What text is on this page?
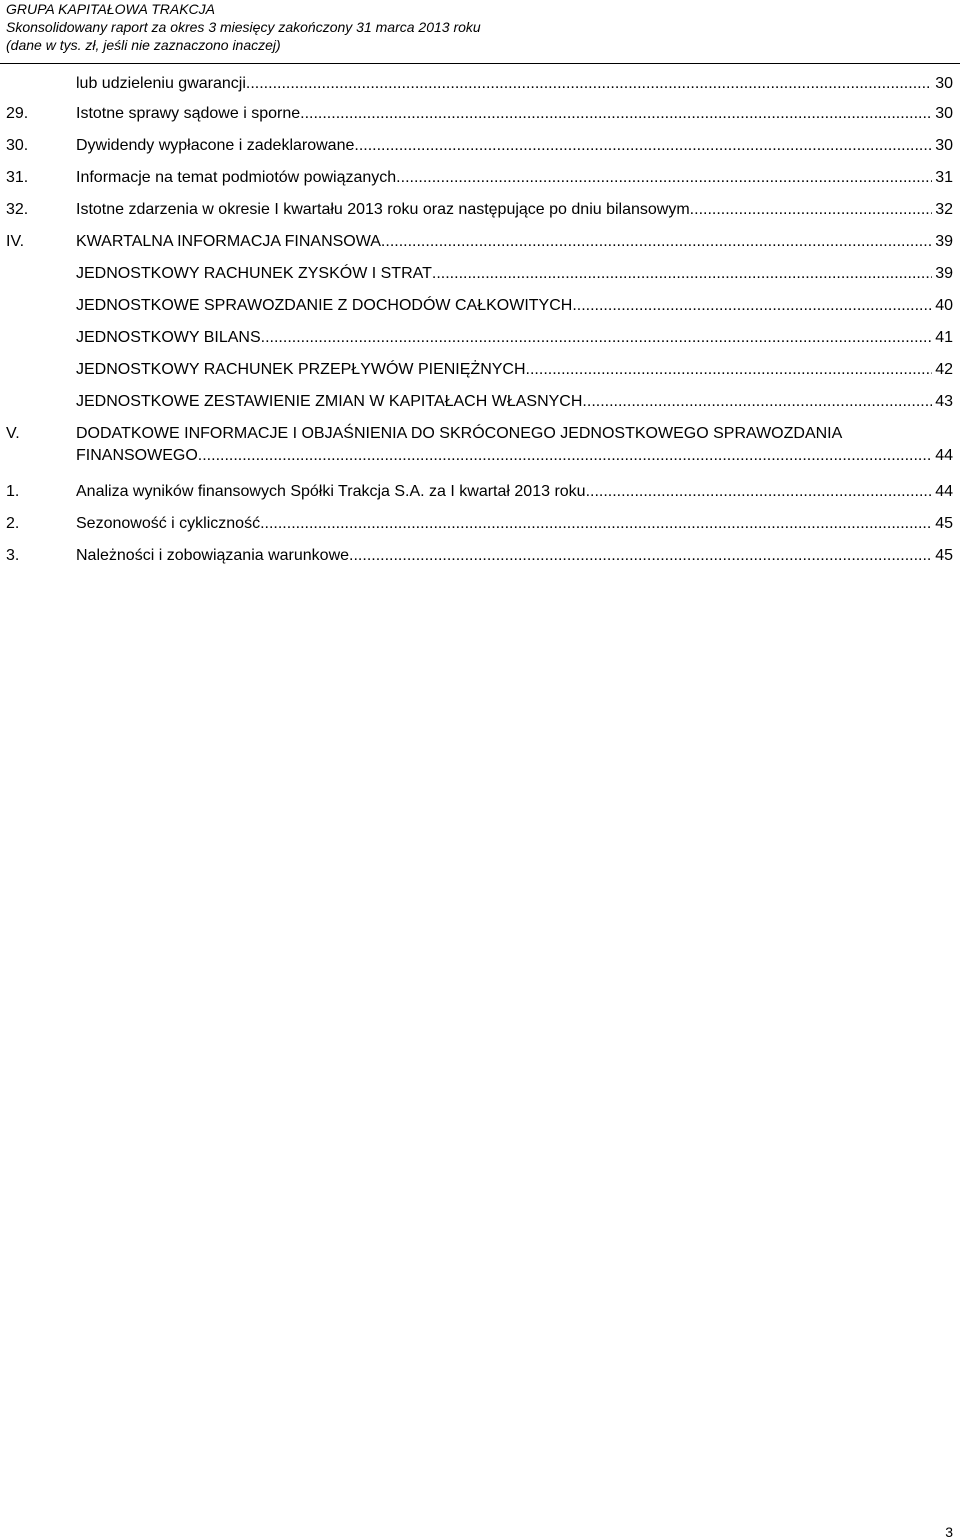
GRUPA KAPITAŁOWA TRAKCJA
Skonsolidowany raport za okres 3 miesięcy zakończony 31 marca 2013 roku
(dane w tys. zł, jeśli nie zaznaczono inaczej)
lub udzieleniu gwarancji .....	30
29.	Istotne sprawy sądowe i sporne .....	30
30.	Dywidendy wypłacone i zadeklarowane .....	30
31.	Informacje na temat podmiotów powiązanych .....	31
32.	Istotne zdarzenia w okresie I kwartału 2013 roku oraz następujące po dniu bilansowym .....	32
IV.	KWARTALNA INFORMACJA FINANSOWA .....	39
JEDNOSTKOWY RACHUNEK ZYSKÓW I STRAT .....	39
JEDNOSTKOWE SPRAWOZDANIE Z DOCHODÓW CAŁKOWITYCH .....	40
JEDNOSTKOWY BILANS .....	41
JEDNOSTKOWY RACHUNEK PRZEPŁYWÓW PIENIĘŻNYCH .....	42
JEDNOSTKOWE ZESTAWIENIE ZMIAN W KAPITAŁACH WŁASNYCH .....	43
V.	DODATKOWE INFORMACJE I OBJAŚNIENIA DO SKRÓCONEGO JEDNOSTKOWEGO SPRAWOZDANIA
FINANSOWEGO .....	44
1.	Analiza wyników finansowych Spółki Trakcja S.A. za I kwartał 2013 roku .....	44
2.	Sezonowość i cykliczność .....	45
3.	Należności i zobowiązania warunkowe .....	45
3
